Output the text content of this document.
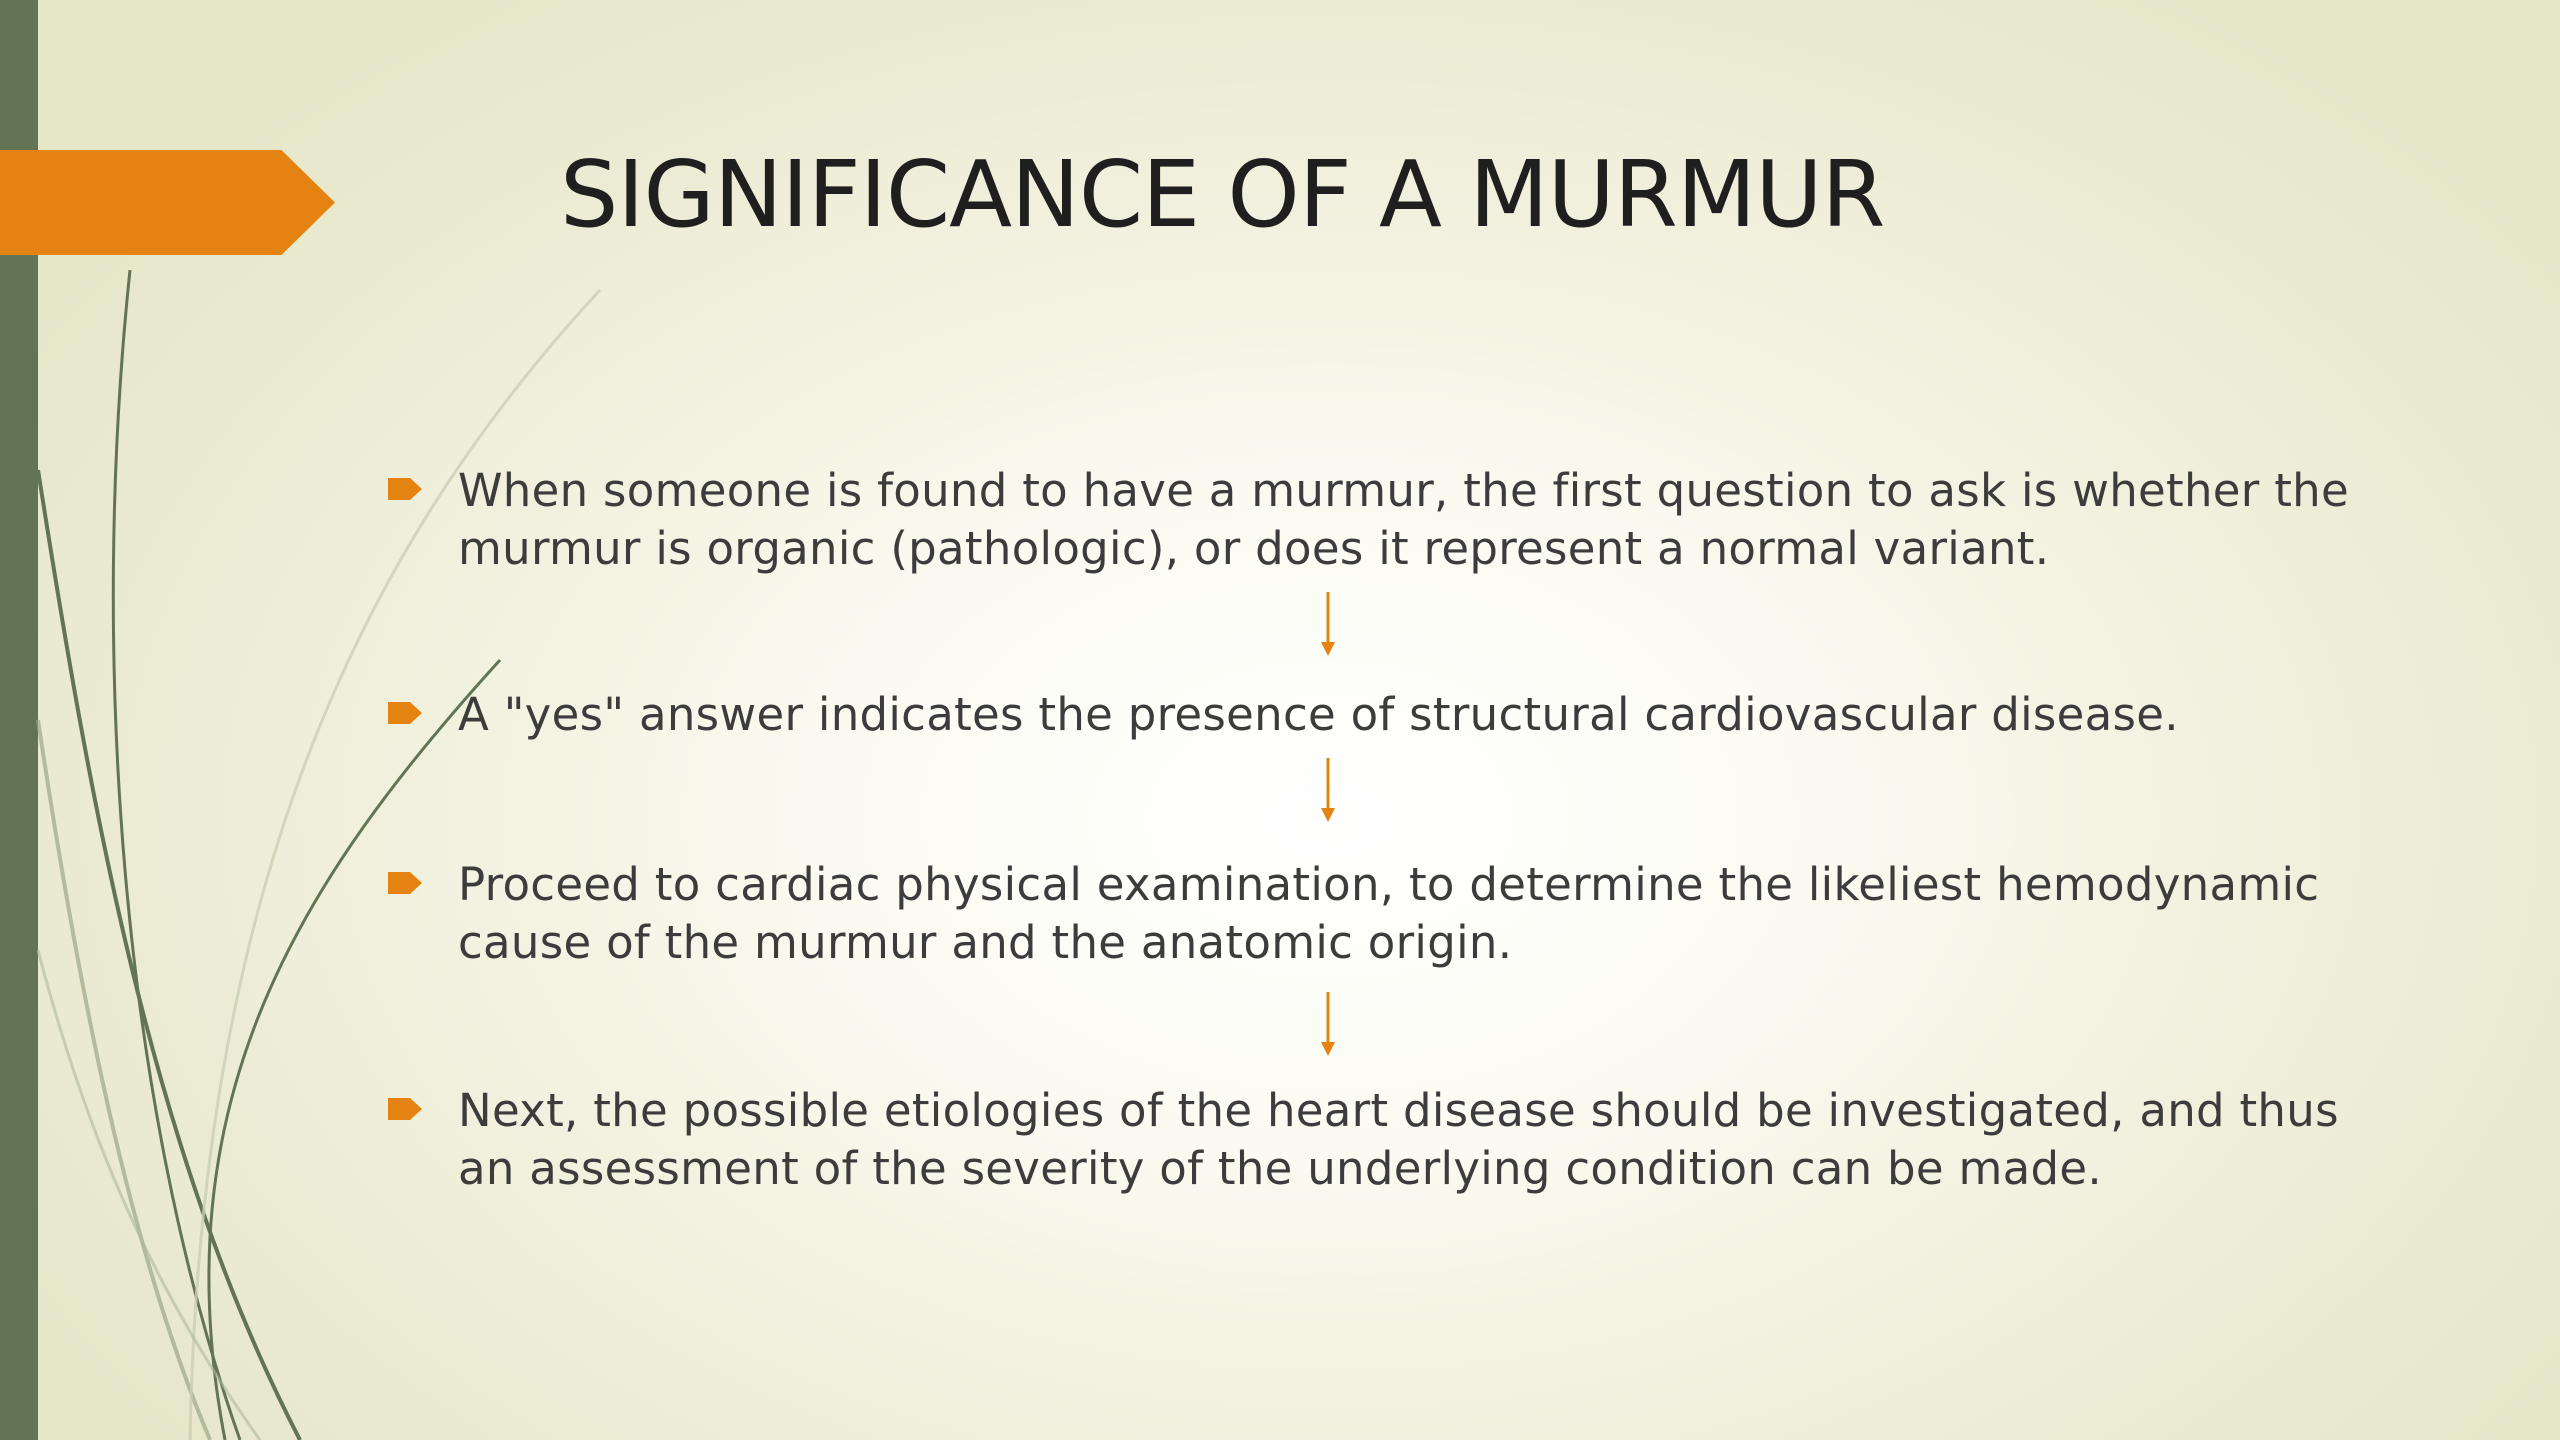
SIGNIFICANCE OF A MURMUR
When someone is found to have a murmur, the first question to ask is whether the murmur is organic (pathologic), or does it represent a normal variant.
A "yes" answer indicates the presence of structural cardiovascular disease.
Proceed to cardiac physical examination, to determine the likeliest hemodynamic cause of the murmur and the anatomic origin.
Next, the possible etiologies of the heart disease should be investigated, and thus an assessment of the severity of the underlying condition can be made.
